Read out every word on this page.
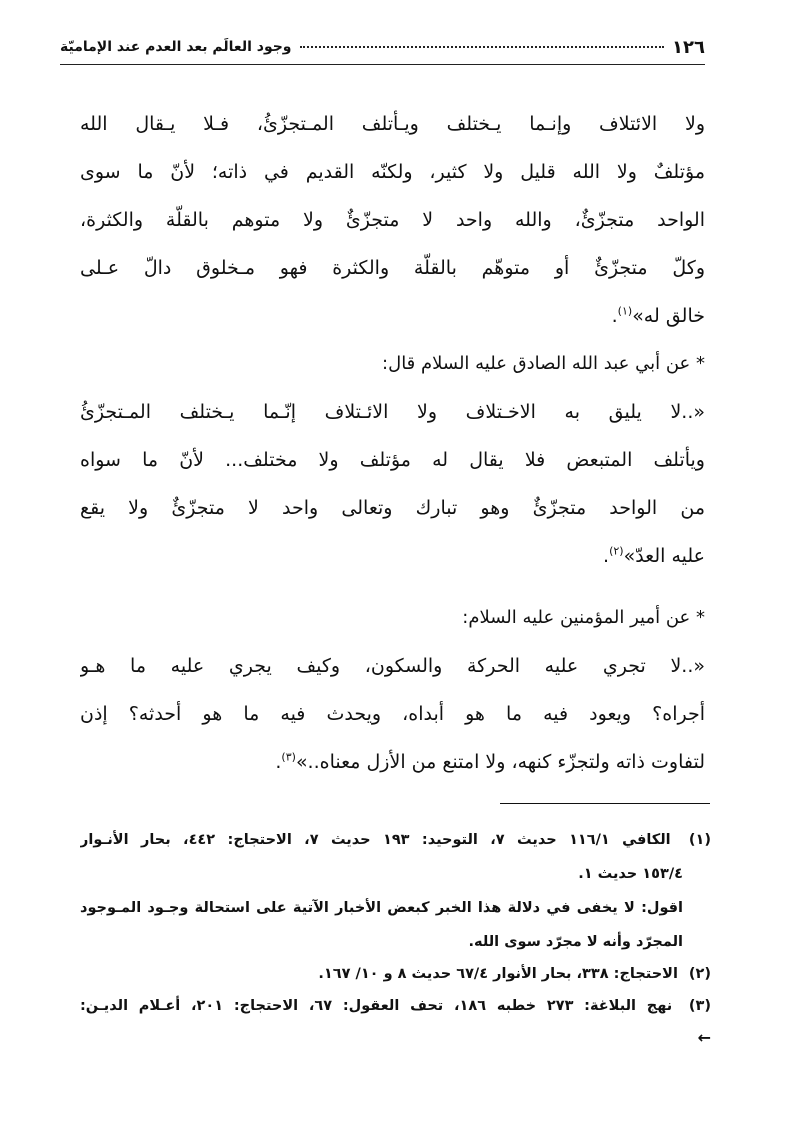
١٢٦
وجود العالَم بعد العدم عند الإماميّة
ولا الائتلاف وإنـما يـختلف ويـأتلف المـتجزّئُ، فـلا يـقال الله
مؤتلفٌ ولا الله قليل ولا كثير، ولكنّه القديم في ذاته؛ لأنّ ما سوى
الواحد متجزّئٌ، والله واحد لا متجزّئٌ ولا متوهم بالقلّة والكثرة،
وكلّ متجزّئٌ أو متوهّم بالقلّة والكثرة فهو مـخلوق دالّ عـلى
خالق له»$^{(١)}$.
* عن أبي عبد الله الصادق عليه السلام قال:
«..لا يليق به الاخـتلاف ولا الائـتلاف إنّـما يـختلف المـتجزّئُ
ويأتلف المتبعض فلا يقال له مؤتلف ولا مختلف... لأنّ ما سواه
من الواحد متجزّئٌ وهو تبارك وتعالى واحد لا متجزّئٌ ولا يقع
عليه العدّ»$^{(٢)}$.
* عن أمير المؤمنين عليه السلام:
«..لا تجري عليه الحركة والسكون، وكيف يجري عليه ما هـو
أجراه؟ ويعود فيه ما هو أبداه، ويحدث فيه ما هو أحدثه؟ إذن
لتفاوت ذاته ولتجزّء كنهه، ولا امتنع من الأزل معناه..»$^{(٣)}$.
(١) الكافي ١١٦/١ حديث ٧، التوحيد: ١٩٣ حديث ٧، الاحتجاج: ٤٤٢، بحار الأنـوار
١٥٣/٤ حديث ١.
اقول: لا يخفى في دلالة هذا الخبر كبعض الأخبار الآتية على استحالة وجـود المـوجود
المجرّد وأنه لا مجرّد سوى الله.
(٢) الاحتجاج: ٣٣٨، بحار الأنوار ٦٧/٤ حديث ٨ و ١٠/ ١٦٧.
(٣) نهج البلاغة: ٢٧٣ خطبه ١٨٦، تحف العقول: ٦٧، الاحتجاج: ٢٠١، أعـلام الديـن:
←
